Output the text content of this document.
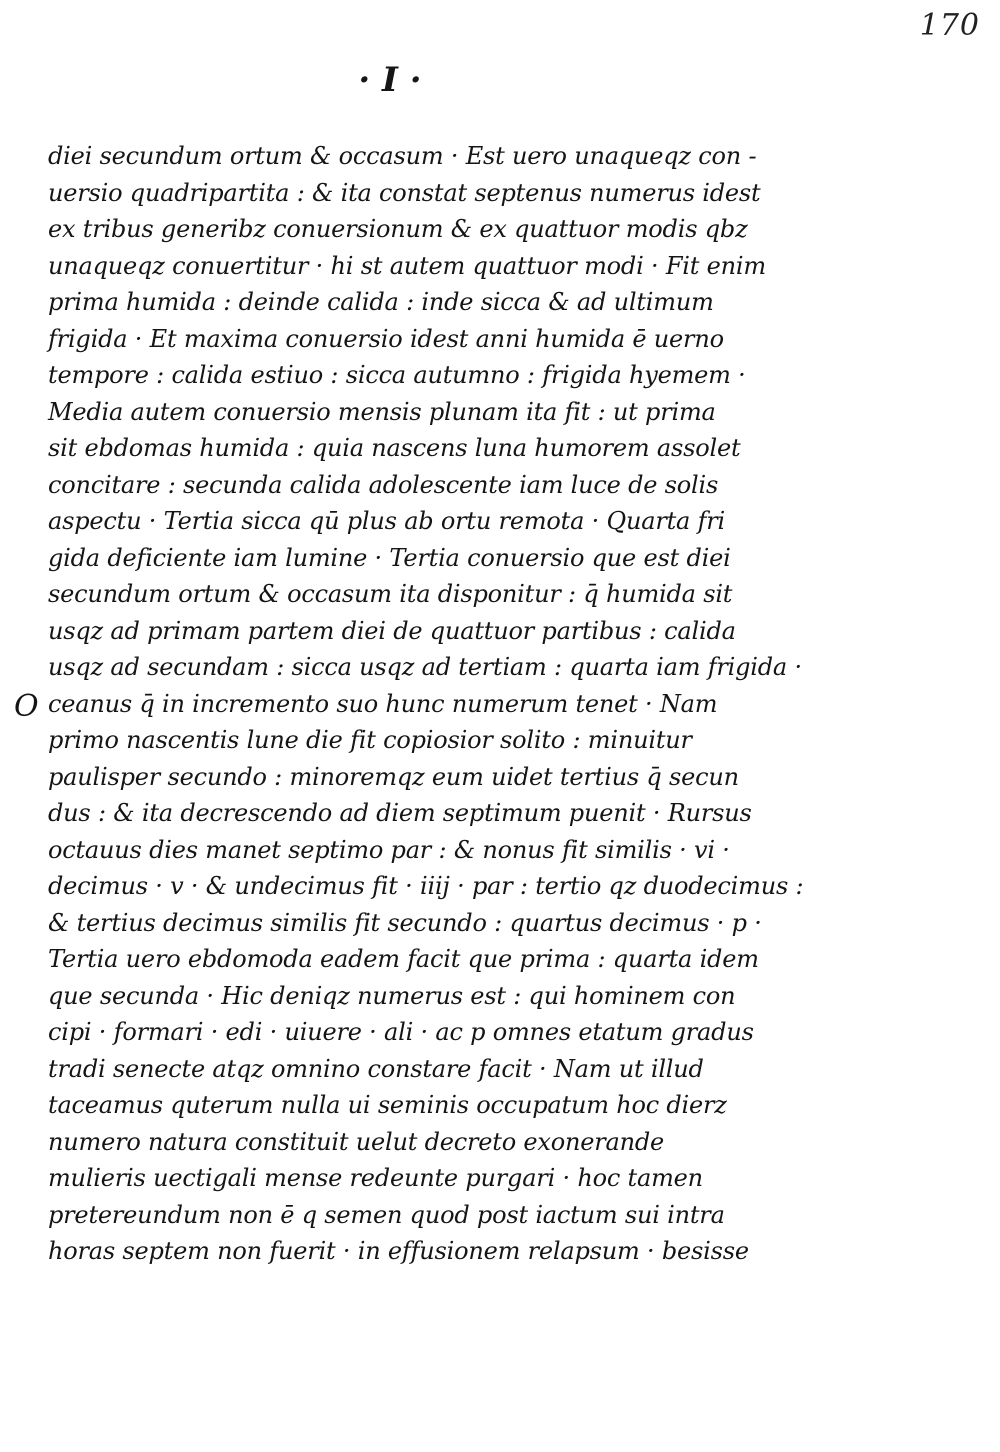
170
· I ·
O
diei secundum ortum & occasum · Est uero unaqueqz con -
uersio quadripartita : & ita constat septenus numerus idest
ex tribus generibz conuersionum & ex quattuor modis qbz
unaqueqz conuertitur · hi st autem quattuor modi · Fit enim
prima humida : deinde calida : inde sicca & ad ultimum
frigida · Et maxima conuersio idest anni humida ē uerno
tempore : calida estiuo : sicca autumno : frigida hyemem ·
Media autem conuersio mensis plunam ita fit : ut prima
sit ebdomas humida : quia nascens luna humorem assolet
concitare : secunda calida adolescente iam luce de solis
aspectu · Tertia sicca qū plus ab ortu remota · Quarta fri
gida deficiente iam lumine · Tertia conuersio que est diei
secundum ortum & occasum ita disponitur : q̄ humida sit
usqz ad primam partem diei de quattuor partibus : calida
usqz ad secundam : sicca usqz ad tertiam : quarta iam frigida ·
ceanus q̄ in incremento suo hunc numerum tenet · Nam
primo nascentis lune die fit copiosior solito : minuitur
paulisper secundo : minoremqz eum uidet tertius q̄ secun
dus : & ita decrescendo ad diem septimum puenit · Rursus
octauus dies manet septimo par : & nonus fit similis · vi ·
decimus · v · & undecimus fit · iiij · par : tertio qz duodecimus :
& tertius decimus similis fit secundo : quartus decimus · p ·
Tertia uero ebdomoda eadem facit que prima : quarta idem
que secunda · Hic deniqz numerus est : qui hominem con
cipi · formari · edi · uiuere · ali · ac p omnes etatum gradus
tradi senecte atqz omnino constare facit · Nam ut illud
taceamus quterum nulla ui seminis occupatum hoc dierz
numero natura constituit uelut decreto exonerande
mulieris uectigali mense redeunte purgari · hoc tamen
pretereundum non ē q semen quod post iactum sui intra
horas septem non fuerit · in effusionem relapsum · besisse
